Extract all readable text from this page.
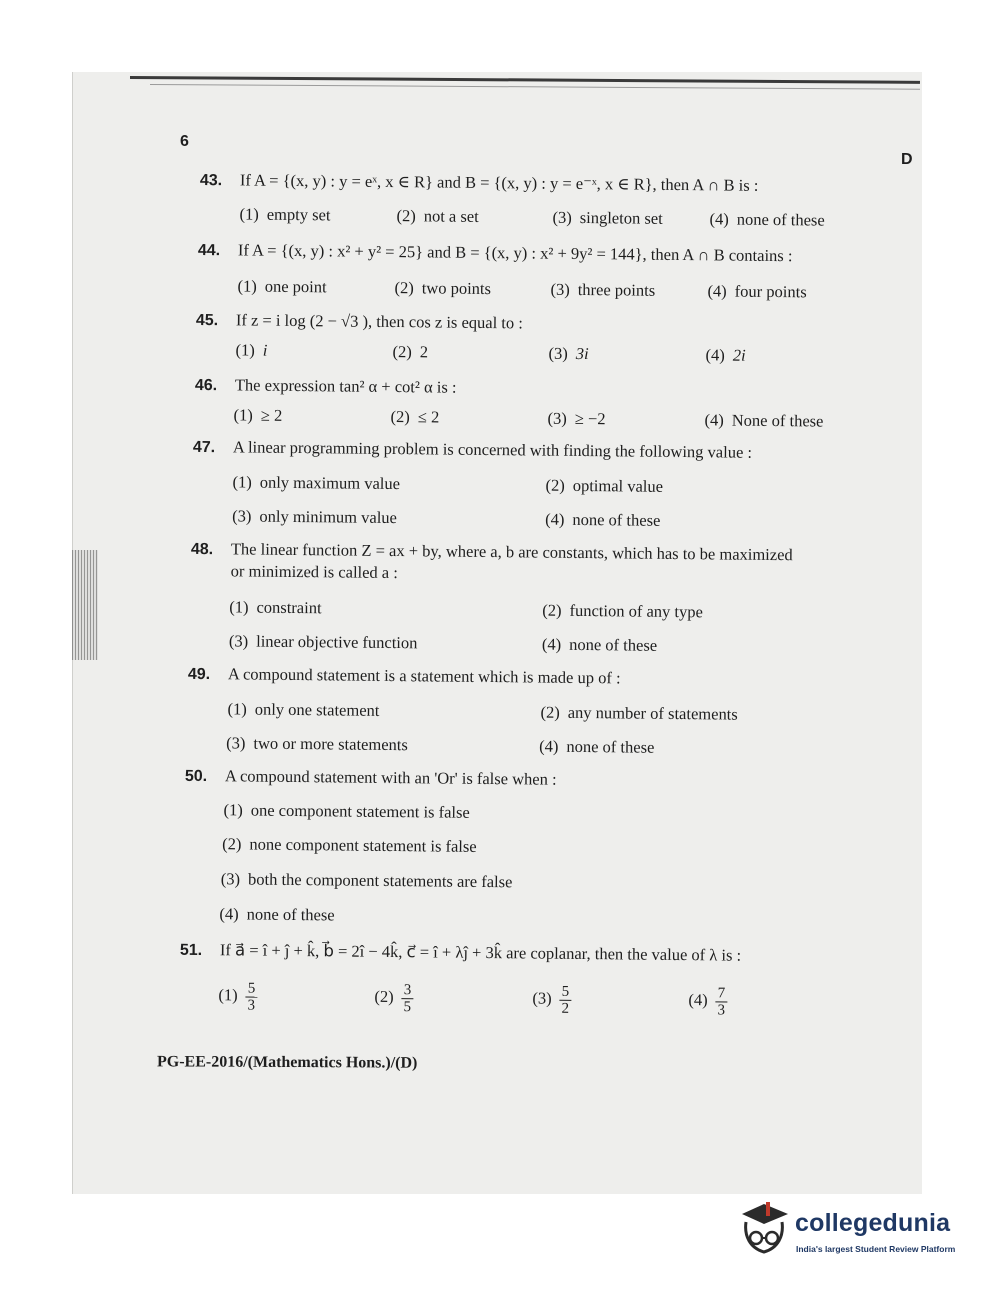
6
D
43. If A = {(x, y) : y = eˣ, x ∈ R} and B = {(x, y) : y = e⁻ˣ, x ∈ R}, then A ∩ B is :
(1) empty set	(2) not a set	(3) singleton set	(4) none of these
44. If A = {(x, y) : x² + y² = 25} and B = {(x, y) : x² + 9y² = 144}, then A ∩ B contains :
(1) one point	(2) two points	(3) three points	(4) four points
45. If z = i log (2 − √3 ), then cos z is equal to :
(1) i	(2) 2	(3) 3i	(4) 2i
46. The expression tan² α + cot² α is :
(1) ≥ 2	(2) ≤ 2	(3) ≥ −2	(4) None of these
47. A linear programming problem is concerned with finding the following value :
(1) only maximum value	(2) optimal value
(3) only minimum value	(4) none of these
48. The linear function Z = ax + by, where a, b are constants, which has to be maximized
or minimized is called a :
(1) constraint	(2) function of any type
(3) linear objective function	(4) none of these
49. A compound statement is a statement which is made up of :
(1) only one statement	(2) any number of statements
(3) two or more statements	(4) none of these
50. A compound statement with an 'Or' is false when :
(1) one component statement is false
(2) none component statement is false
(3) both the component statements are false
(4) none of these
51. If a⃗ = î + ĵ + k̂, b⃗ = 2î − 4k̂, c⃗ = î + λĵ + 3k̂ are coplanar, then the value of λ is :
$(1) \frac{5}{3}$	$(2) \frac{3}{5}$	$(3) \frac{5}{2}$	$(4) \frac{7}{3}$
PG-EE-2016/(Mathematics Hons.)/(D)
collegedunia
India's largest Student Review Platform
